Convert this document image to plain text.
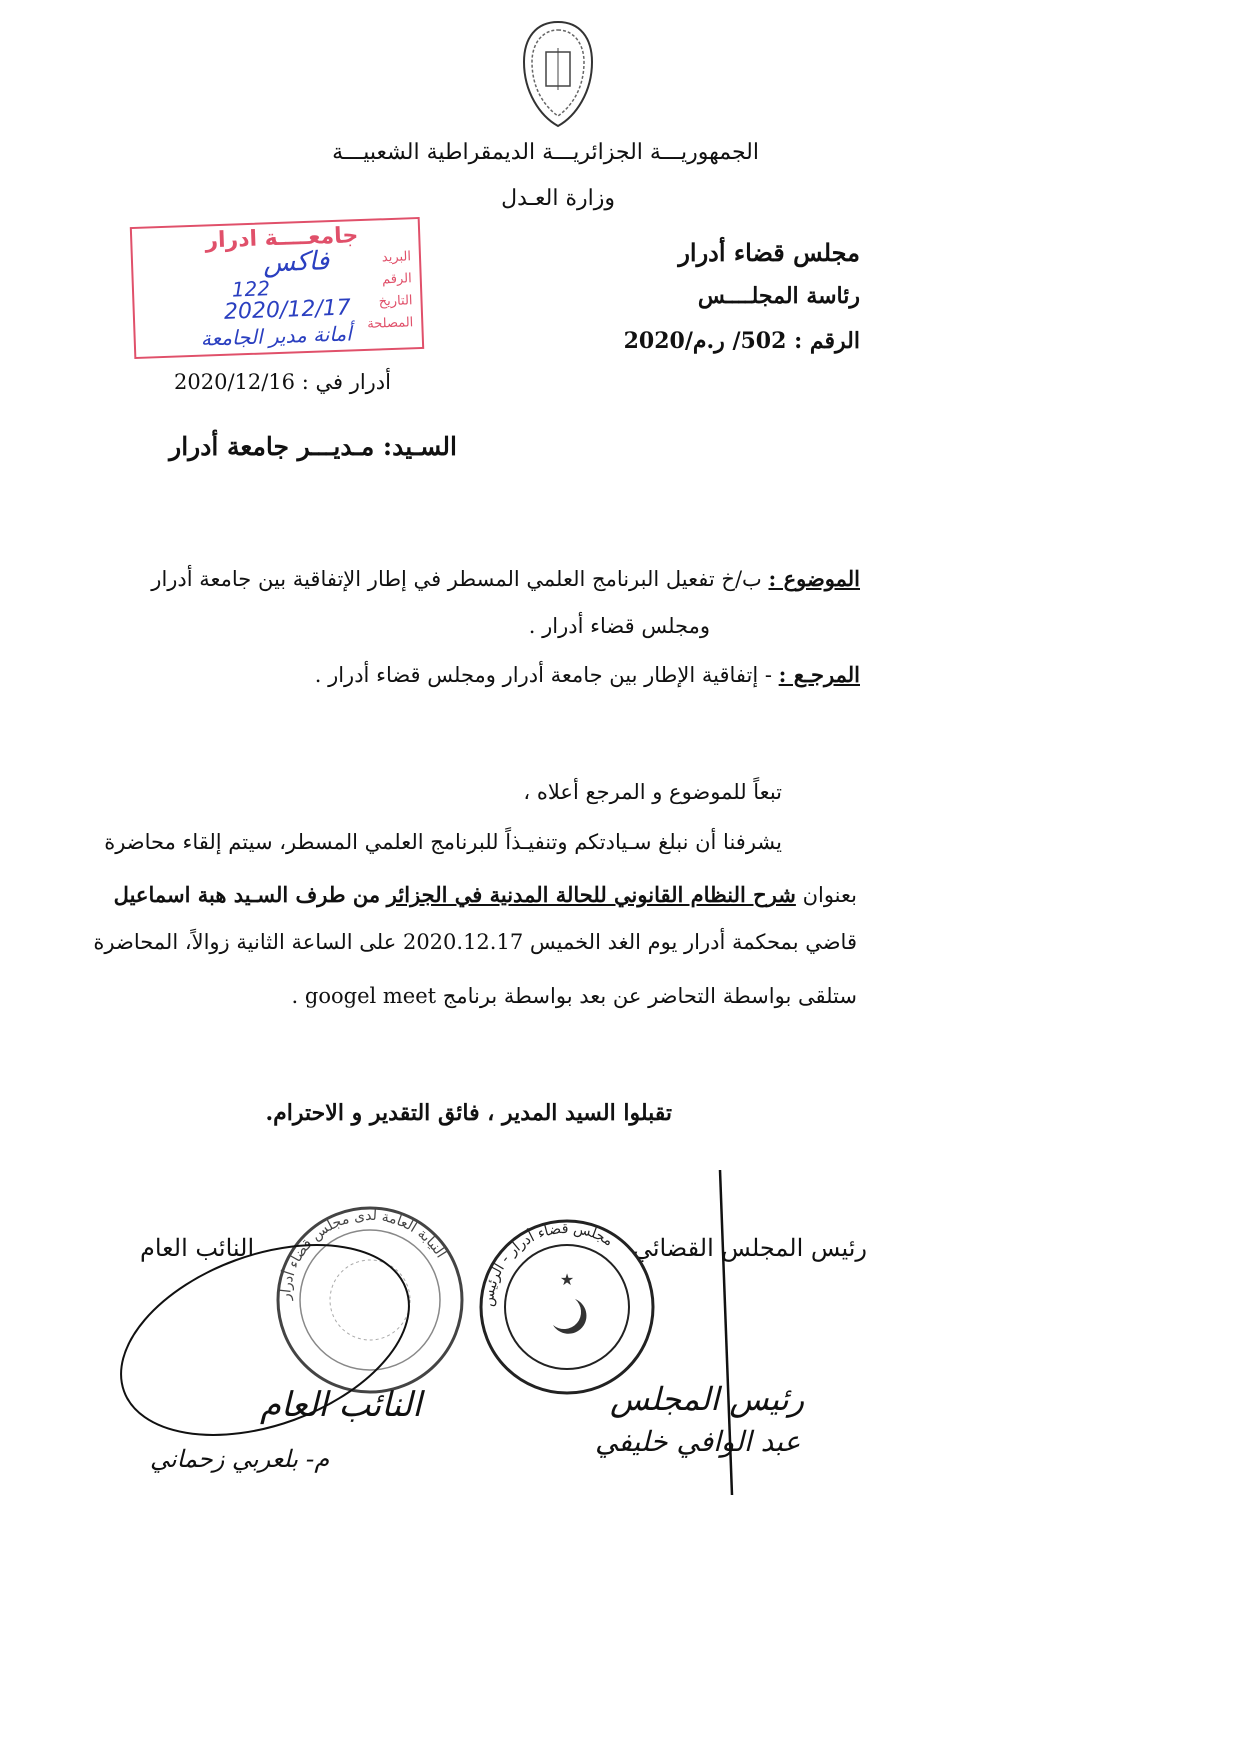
الجمهوريـــة الجزائريـــة الديمقراطية الشعبيـــة
وزارة العـدل
مجلس قضاء أدرار
رئاسة المجلــــس
الرقم : 502/ ر.م/2020
جامعــــة ادرار
البريد
الرقم
التاريخ
المصلحة
فاكس
122
2020/12/17
أمانة مدير الجامعة
أدرار في : 2020/12/16
السـيد: مـديـــر جامعة أدرار
الموضوع : ب/خ تفعيل البرنامج العلمي المسطر في إطار الإتفاقية بين جامعة أدرار
ومجلس قضاء أدرار .
المرجـع : - إتفاقية الإطار بين جامعة أدرار ومجلس قضاء أدرار .
تبعاً للموضوع و المرجع أعلاه ،
يشرفنا أن نبلغ سـيادتكم وتنفيـذاً للبرنامج العلمي المسطر، سيتم إلقاء محاضرة
بعنوان شرح النظام القانوني للحالة المدنية في الجزائر من طرف السـيد هبة اسماعيل
قاضي بمحكمة أدرار يوم الغد الخميس 2020.12.17 على الساعة الثانية زوالاً، المحاضرة
ستلقى بواسطة التحاضر عن بعد بواسطة برنامج googel meet .
تقبلوا السيد المدير ، فائق التقدير و الاحترام.
رئيس المجلس القضائي
النائب العام
النيابة العامة لدى مجلس قضاء أدرار
★
مجلس قضاء أدرار - الرئيس
النائب العام
م- بلعربي زحماني
رئيس المجلس
عبد الوافي خليفي
